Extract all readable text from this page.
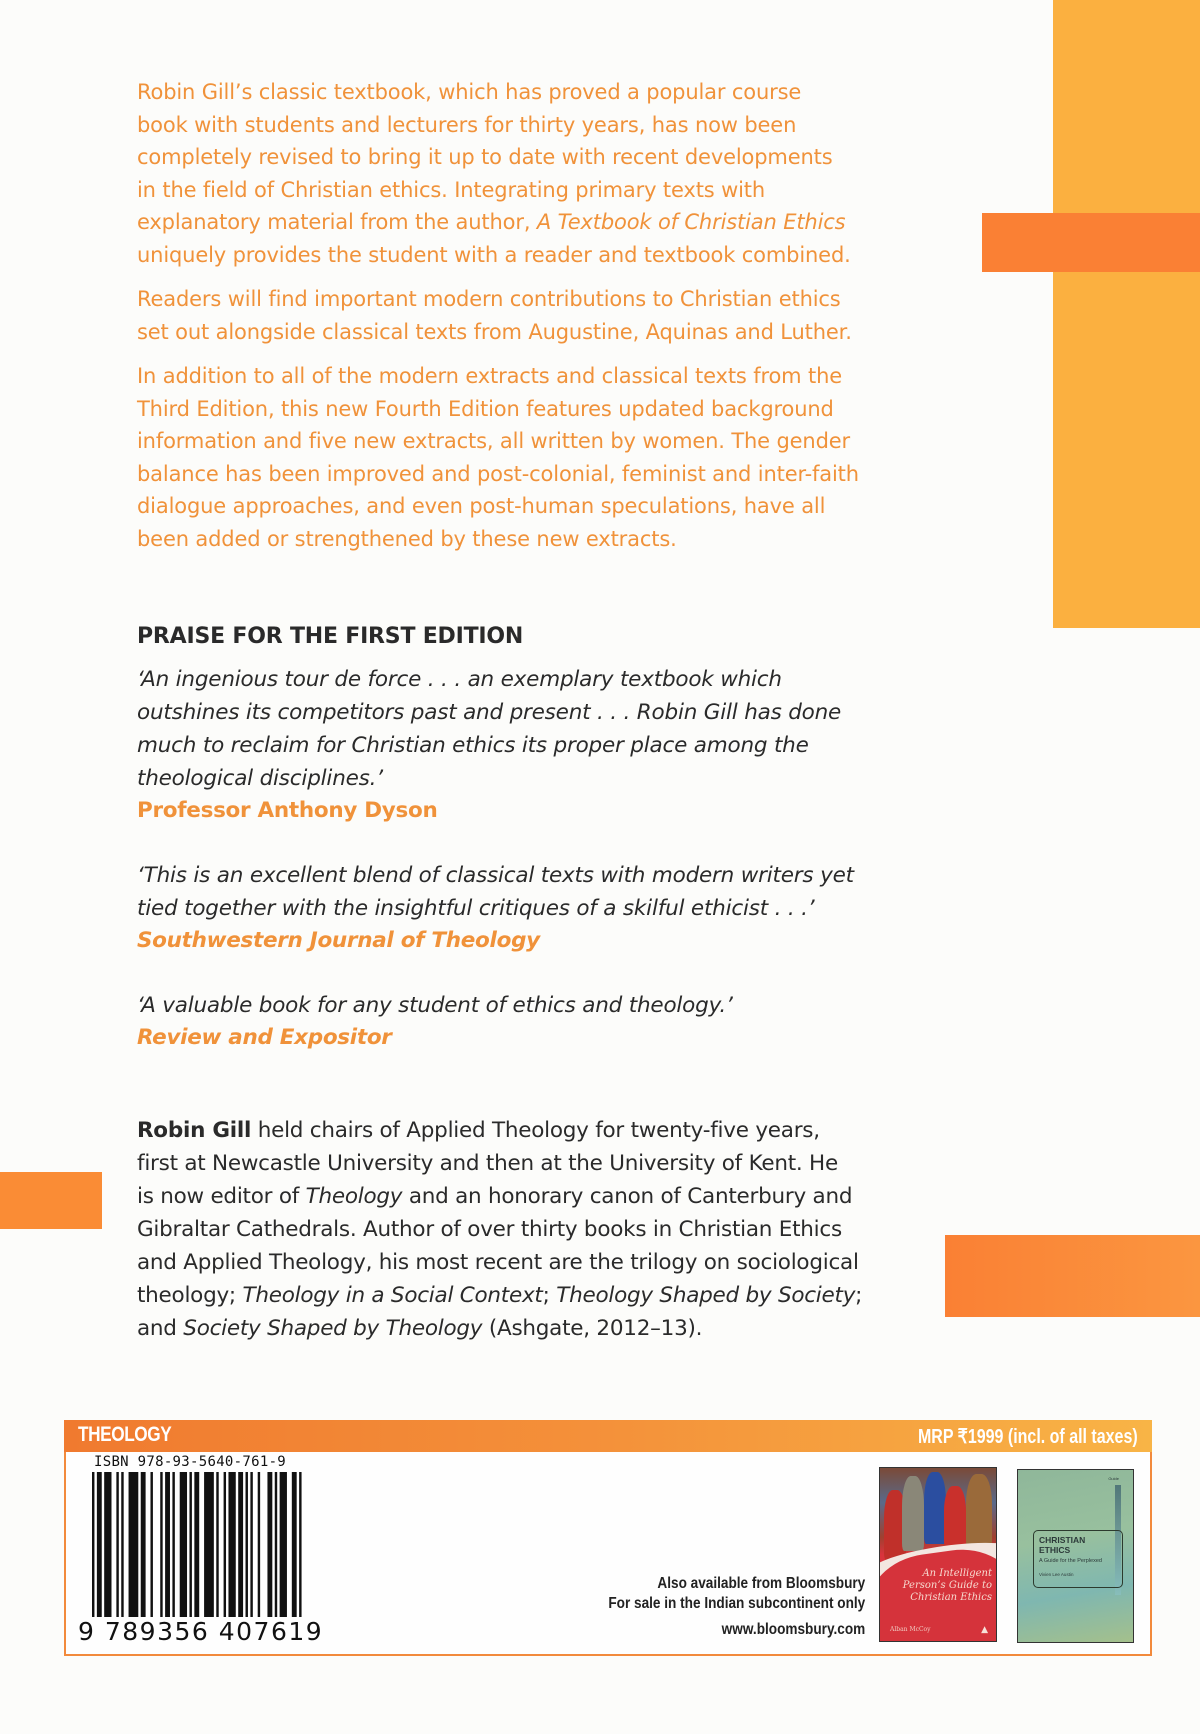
Robin Gill’s classic textbook, which has proved a popular course
book with students and lecturers for thirty years, has now been
completely revised to bring it up to date with recent developments
in the field of Christian ethics. Integrating primary texts with
explanatory material from the author, A Textbook of Christian Ethics
uniquely provides the student with a reader and textbook combined.

Readers will find important modern contributions to Christian ethics
set out alongside classical texts from Augustine, Aquinas and Luther.

In addition to all of the modern extracts and classical texts from the
Third Edition, this new Fourth Edition features updated background
information and five new extracts, all written by women. The gender
balance has been improved and post-colonial, feminist and inter-faith
dialogue approaches, and even post-human speculations, have all
been added or strengthened by these new extracts.

PRAISE FOR THE FIRST EDITION

‘An ingenious tour de force . . . an exemplary textbook which
outshines its competitors past and present . . . Robin Gill has done
much to reclaim for Christian ethics its proper place among the
theological disciplines.’

Professor Anthony Dyson

‘This is an excellent blend of classical texts with modern writers yet
tied together with the insightful critiques of a skilful ethicist . . .’

Southwestern Journal of Theology

‘A valuable book for any student of ethics and theology.’

Review and Expositor

Robin Gill held chairs of Applied Theology for twenty-five years,
first at Newcastle University and then at the University of Kent. He
is now editor of Theology and an honorary canon of Canterbury and
Gibraltar Cathedrals. Author of over thirty books in Christian Ethics
and Applied Theology, his most recent are the trilogy on sociological
theology; Theology in a Social Context; Theology Shaped by Society;
and Society Shaped by Theology (Ashgate, 2012–13).

THEOLOGY	MRP ₹1999 (incl. of all taxes)
ISBN 978-93-5640-761-9
9 789356 407619
Also available from Bloomsbury
For sale in the Indian subcontinent only
www.bloomsbury.com
An Intelligent
Person’s Guide to
Christian Ethics
Alban McCoy	▲
Guide
CHRISTIAN
ETHICS
A Guide for the Perplexed
Vivien Lee Austin
